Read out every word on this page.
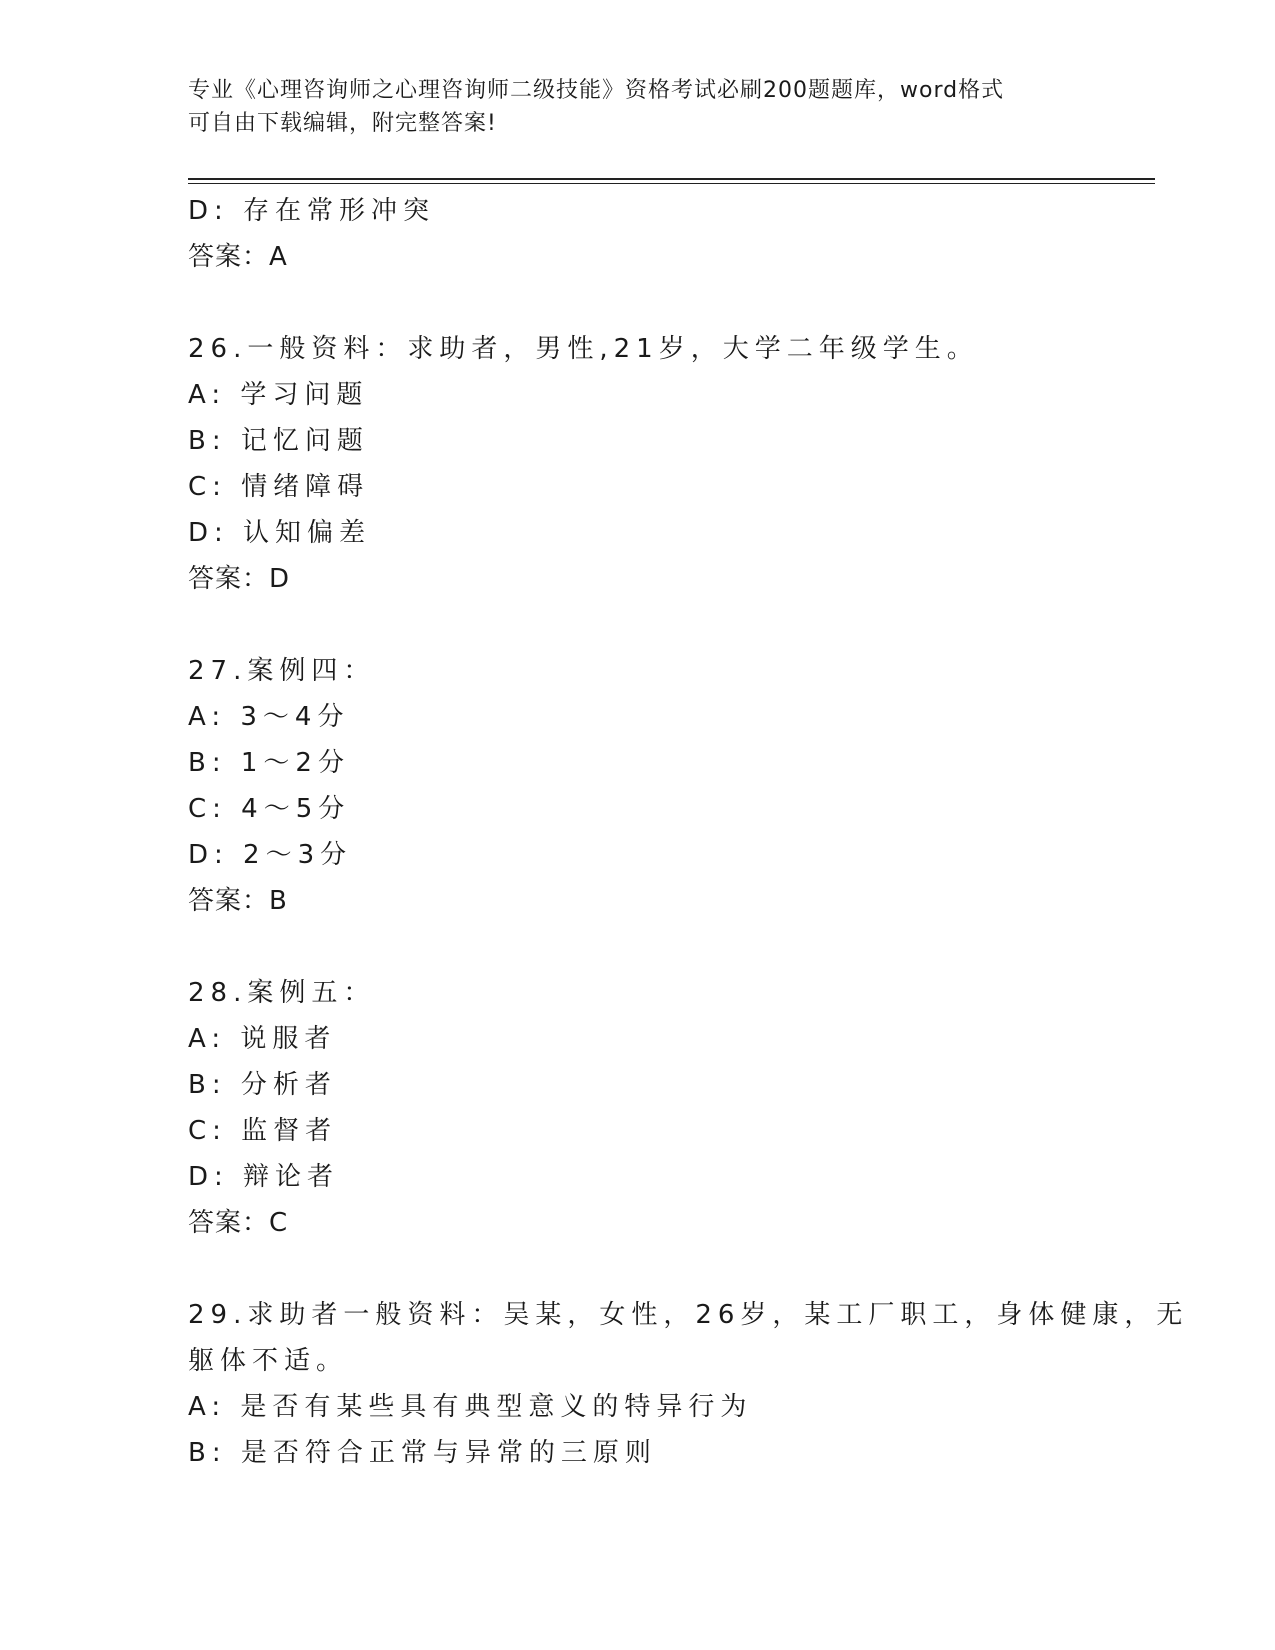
专业《心理咨询师之心理咨询师二级技能》资格考试必刷200题题库，word格式
可自由下载编辑，附完整答案!
D: 存在常形冲突
答案：A
26.一般资料：求助者，男性,21岁，大学二年级学生。
A: 学习问题
B: 记忆问题
C: 情绪障碍
D: 认知偏差
答案：D
27.案例四：
A: 3～4分
B: 1～2分
C: 4～5分
D: 2～3分
答案：B
28.案例五：
A: 说服者
B: 分析者
C: 监督者
D: 辩论者
答案：C
29.求助者一般资料：吴某，女性，26岁，某工厂职工，身体健康，无
躯体不适。
A: 是否有某些具有典型意义的特异行为
B: 是否符合正常与异常的三原则
